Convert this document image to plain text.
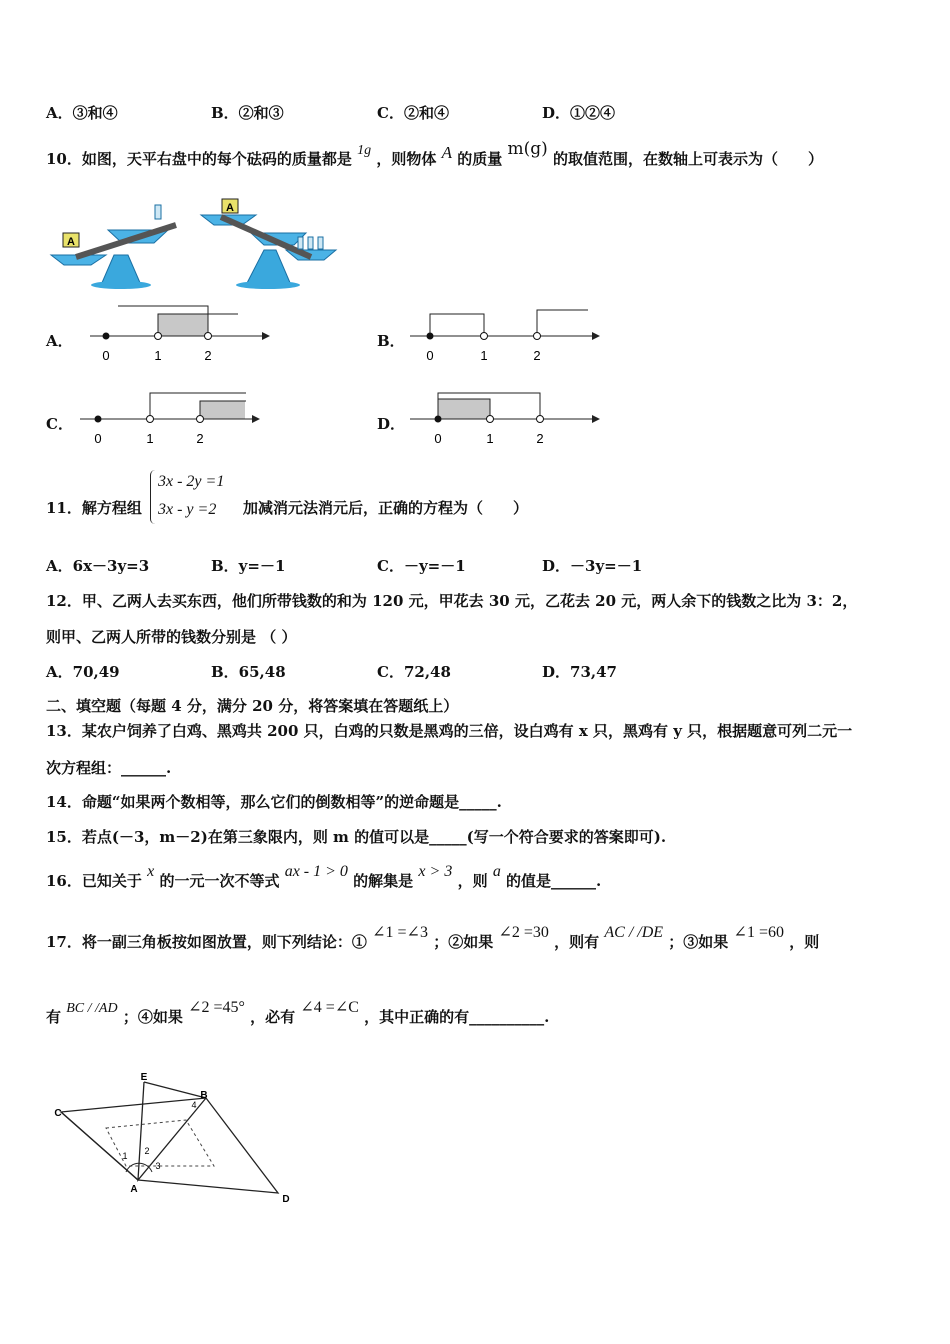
A．③和④	B．②和③	C．②和④	D．①②④
10．如图，天平右盘中的每个砝码的质量都是 1g ，则物体 A 的质量 m(g) 的取值范围，在数轴上可表示为（　　）
A
A
A．
0	1	2
B．
0	1	2
C．
0	1	2
D．
0	1	2
11．解方程组
3x - 2y =1
3x - y =2 加减消元法消元后，正确的方程为（　　）
A．6x－3y=3	B．y=－1	C．－y=－1	D．－3y=－1
12．甲、乙两人去买东西，他们所带钱数的和为 120 元，甲花去 30 元，乙花去 20 元，两人余下的钱数之比为 3：2，
则甲、乙两人所带的钱数分别是 （ ）
A．70,49	B．65,48	C．72,48	D．73,47
二、填空题（每题 4 分，满分 20 分，将答案填在答题纸上）
13．某农户饲养了白鸡、黑鸡共 200 只，白鸡的只数是黑鸡的三倍，设白鸡有 x 只，黑鸡有 y 只，根据题意可列二元一
次方程组：______.
14．命题“如果两个数相等，那么它们的倒数相等”的逆命题是_____.
15．若点(－3，m－2)在第三象限内，则 m 的值可以是_____(写一个符合要求的答案即可).
16．已知关于 x 的一元一次不等式 ax - 1 > 0 的解集是 x > 3 ，则 a 的值是______.
17．将一副三角板按如图放置，则下列结论：① ∠1 =∠3 ；②如果 ∠2 =30 ，则有 AC / /DE ；③如果 ∠1 =60 ，则
有 BC / /AD ；④如果 ∠2 =45° ，必有 ∠4 =∠C ，其中正确的有__________.
E
B
C
A
D
1 2
3
4
